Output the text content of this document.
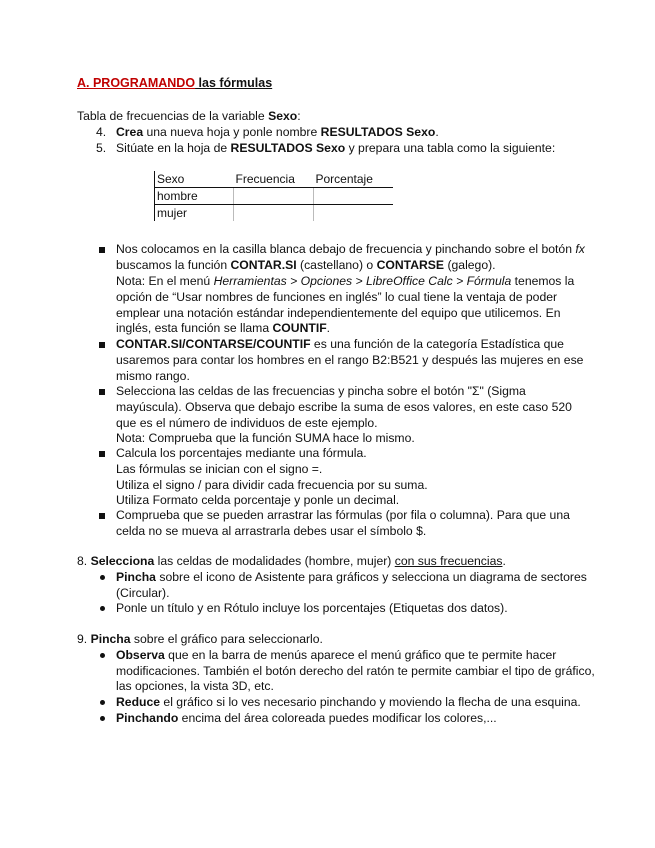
A. PROGRAMANDO las fórmulas
Tabla de frecuencias de la variable Sexo:
4. Crea una nueva hoja y ponle nombre RESULTADOS Sexo.
5. Sitúate en la hoja de RESULTADOS Sexo y prepara una tabla como la siguiente:
Sexo	Frecuencia	Porcentaje
hombre		
mujer		
Nos colocamos en la casilla blanca debajo de frecuencia y pinchando sobre el botón fx
buscamos la función CONTAR.SI (castellano) o CONTARSE (galego).
Nota: En el menú Herramientas > Opciones > LibreOffice Calc > Fórmula tenemos la
opción de “Usar nombres de funciones en inglés” lo cual tiene la ventaja de poder
emplear una notación estándar independientemente del equipo que utilicemos. En
inglés, esta función se llama COUNTIF.
CONTAR.SI/CONTARSE/COUNTIF es una función de la categoría Estadística que
usaremos para contar los hombres en el rango B2:B521 y después las mujeres en ese
mismo rango.
Selecciona las celdas de las frecuencias y pincha sobre el botón "Σ" (Sigma
mayúscula). Observa que debajo escribe la suma de esos valores, en este caso 520
que es el número de individuos de este ejemplo.
Nota: Comprueba que la función SUMA hace lo mismo.
Calcula los porcentajes mediante una fórmula.
Las fórmulas se inician con el signo =.
Utiliza el signo / para dividir cada frecuencia por su suma.
Utiliza Formato celda porcentaje y ponle un decimal.
Comprueba que se pueden arrastrar las fórmulas (por fila o columna). Para que una
celda no se mueva al arrastrarla debes usar el símbolo $.
8. Selecciona las celdas de modalidades (hombre, mujer) con sus frecuencias.
Pincha sobre el icono de Asistente para gráficos y selecciona un diagrama de sectores
(Circular).
Ponle un título y en Rótulo incluye los porcentajes (Etiquetas dos datos).
9. Pincha sobre el gráfico para seleccionarlo.
Observa que en la barra de menús aparece el menú gráfico que te permite hacer
modificaciones. También el botón derecho del ratón te permite cambiar el tipo de gráfico,
las opciones, la vista 3D, etc.
Reduce el gráfico si lo ves necesario pinchando y moviendo la flecha de una esquina.
Pinchando encima del área coloreada puedes modificar los colores,...
